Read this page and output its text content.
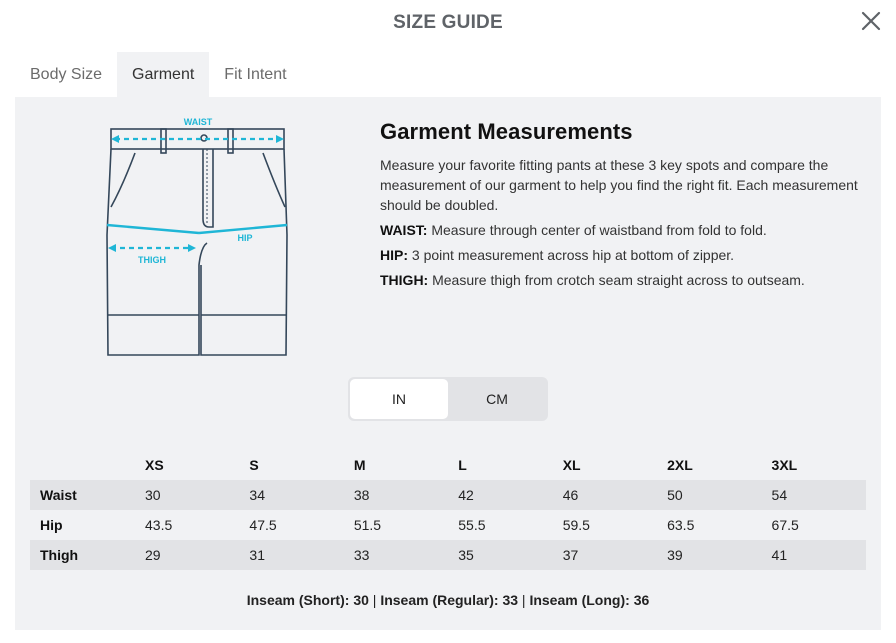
SIZE GUIDE
Body Size	Garment	Fit Intent
WAIST
HIP
THIGH
Garment Measurements

Measure your favorite fitting pants at these 3 key spots and compare the measurement of our garment to help you find the right fit. Each measurement should be doubled.

WAIST: Measure through center of waistband from fold to fold.

HIP: 3 point measurement across hip at bottom of zipper.

THIGH: Measure thigh from crotch seam straight across to outseam.

IN	CM
	XS	S	M	L	XL	2XL	3XL
Waist	30	34	38	42	46	50	54
Hip	43.5	47.5	51.5	55.5	59.5	63.5	67.5
Thigh	29	31	33	35	37	39	41
Inseam (Short): 30 | Inseam (Regular): 33 | Inseam (Long): 36
